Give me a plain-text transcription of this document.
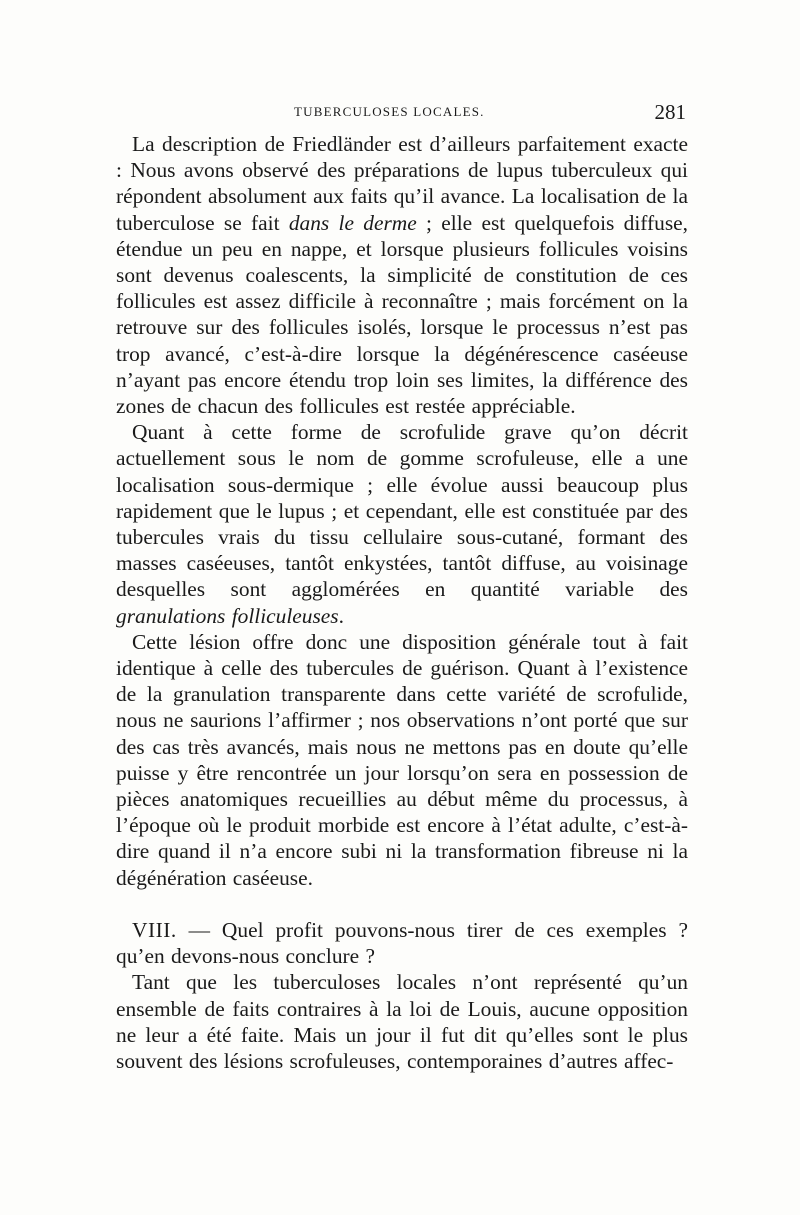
TUBERCULOSES LOCALES.	281

La description de Friedländer est d’ailleurs parfaitement exacte : Nous avons observé des préparations de lupus tuberculeux qui répondent absolument aux faits qu’il avance. La localisation de la tuberculose se fait dans le derme ; elle est quelquefois diffuse, étendue un peu en nappe, et lorsque plusieurs follicules voisins sont devenus coalescents, la simplicité de constitution de ces follicules est assez difficile à reconnaître ; mais forcément on la retrouve sur des follicules isolés, lorsque le processus n’est pas trop avancé, c’est-à-dire lorsque la dégénérescence caséeuse n’ayant pas encore étendu trop loin ses limites, la différence des zones de chacun des follicules est restée appréciable.

Quant à cette forme de scrofulide grave qu’on décrit actuellement sous le nom de gomme scrofuleuse, elle a une localisation sous-dermique ; elle évolue aussi beaucoup plus rapidement que le lupus ; et cependant, elle est constituée par des tubercules vrais du tissu cellulaire sous-cutané, formant des masses caséeuses, tantôt enkystées, tantôt diffuse, au voisinage desquelles sont agglomérées en quantité variable des granulations folliculeuses.

Cette lésion offre donc une disposition générale tout à fait identique à celle des tubercules de guérison. Quant à l’existence de la granulation transparente dans cette variété de scrofulide, nous ne saurions l’affirmer ; nos observations n’ont porté que sur des cas très avancés, mais nous ne mettons pas en doute qu’elle puisse y être rencontrée un jour lorsqu’on sera en possession de pièces anatomiques recueillies au début même du processus, à l’époque où le produit morbide est encore à l’état adulte, c’est-à-dire quand il n’a encore subi ni la transformation fibreuse ni la dégénération caséeuse.

VIII. — Quel profit pouvons-nous tirer de ces exemples ? qu’en devons-nous conclure ?

Tant que les tuberculoses locales n’ont représenté qu’un ensemble de faits contraires à la loi de Louis, aucune opposition ne leur a été faite. Mais un jour il fut dit qu’elles sont le plus souvent des lésions scrofuleuses, contemporaines d’autres affec-
